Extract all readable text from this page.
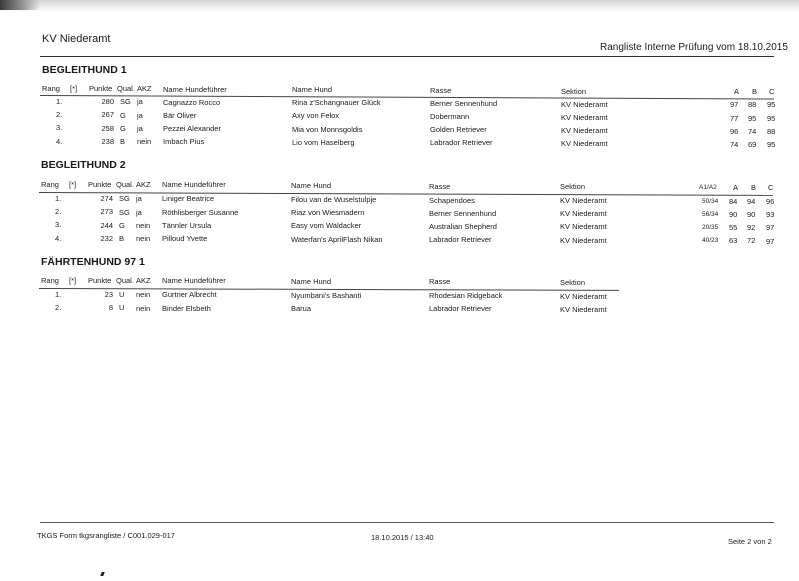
KV Niederamt
Rangliste Interne Prüfung vom 18.10.2015
BEGLEITHUND 1
Rang [*] Punkte Qual. AKZ Name Hundeführer	Name Hund	Rasse	Sektion	A B C
1.	280 SG ja	Cagnazzo Rocco	Rina z'Schangnauer Glück	Berner Sennenhund	KV Niederamt	97 88 95
2.	267 G ja	Bär Oliver	Axy von Felox	Dobermann	KV Niederamt	77 95 95
3.	258 G ja	Pezzei Alexander	Mia von Monnsgoldis	Golden Retriever	KV Niederamt	96 74 88
4.	238 B nein Imbach Pius	Lio vom Haselberg	Labrador Retriever	KV Niederamt	74 69 95
BEGLEITHUND 2
Rang [*] Punkte Qual. AKZ Name Hundeführer	Name Hund	Rasse	Sektion	A1/A2 A B C
1.	274 SG ja	Liniger Beatrice	Filou van de Wuselstulpje	Schapendoes	KV Niederamt	50/34 84 94 96
2.	273 SG ja	Röthlisberger Susanne	Riaz von Wiesmadern	Berner Sennenhund	KV Niederamt	56/34 90 90 93
3.	244 G nein Tännler Ursula	Easy vom Waldacker	Australian Shepherd	KV Niederamt	20/35 55 92 97
4.	232 B nein Pilloud Yvette	Waterfan's AprilFlash Nikan	Labrador Retriever	KV Niederamt	40/23 63 72 97
FÄHRTENHUND 97 1
Rang [*] Punkte Qual. AKZ Name Hundeführer	Name Hund	Rasse	Sektion
1.	23 U nein Gurtner Albrecht	Nyumbani's Bashanti	Rhodesian Ridgeback	KV Niederamt
2.	8 U nein Binder Elsbeth	Barua	Labrador Retriever	KV Niederamt
TKGS Form tkgsrangliste / C001.029-017	18.10.2015 / 13:40	Seite 2 von 2
